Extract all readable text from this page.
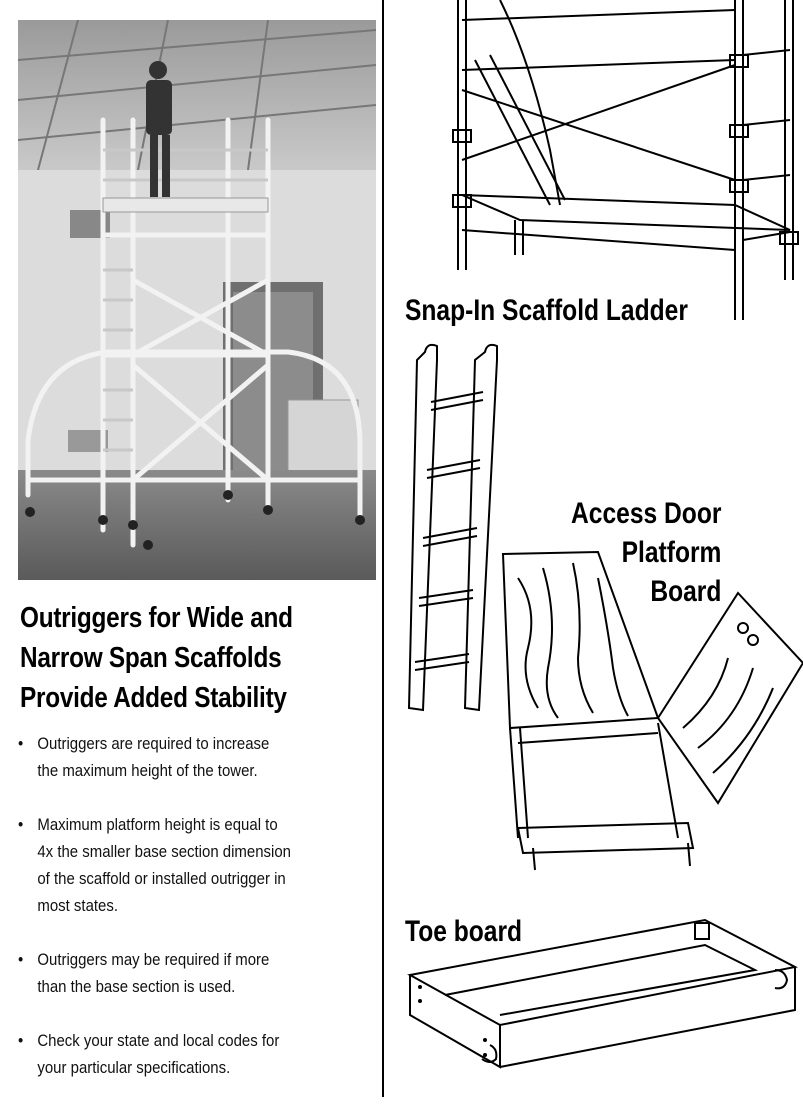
Outriggers for Wide and
Narrow Span Scaffolds
Provide Added Stability
• Outriggers are required to increase
the maximum height of the tower.
• Maximum platform height is equal to
4x the smaller base section dimension
of the scaffold or installed outrigger in
most states.
• Outriggers may be required if more
than the base section is used.
• Check your state and local codes for
your particular specifications.
Snap-In Scaffold Ladder
Access Door
Platform
Board
Toe board
